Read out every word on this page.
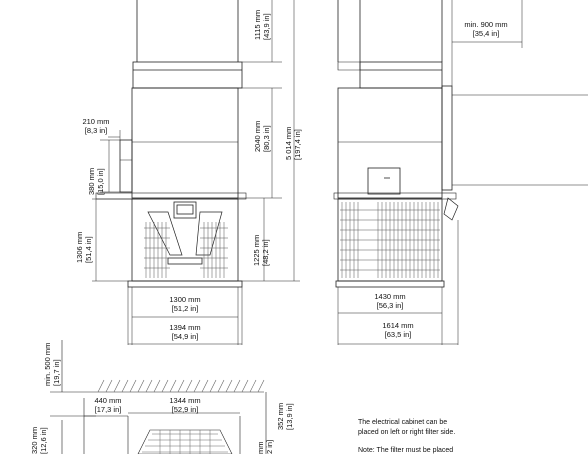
1115 mm
[43,9 in]
2040 mm
[80,3 in] 5 014 mm
[197,4 in]
1225 mm
[48,2 in]
380 mm
[15,0 in]
1306 mm
[51,4 in]
210 mm
[8,3 in]
1300 mm
[51,2 in]
1394 mm
[54,9 in]
min. 900 mm
[35,4 in]
1430 mm
[56,3 in]
1614 mm
[63,5 in]
min. 500 mm
[19,7 in]
440 mm
[17,3 in]
1344 mm
[52,9 in]	352 mm
[13,9 in]
320 mm
[12,6 in]	mm
2 in]
The electrical cabinet can be
placed on left or right filter side.
Note: The filter must be placed
